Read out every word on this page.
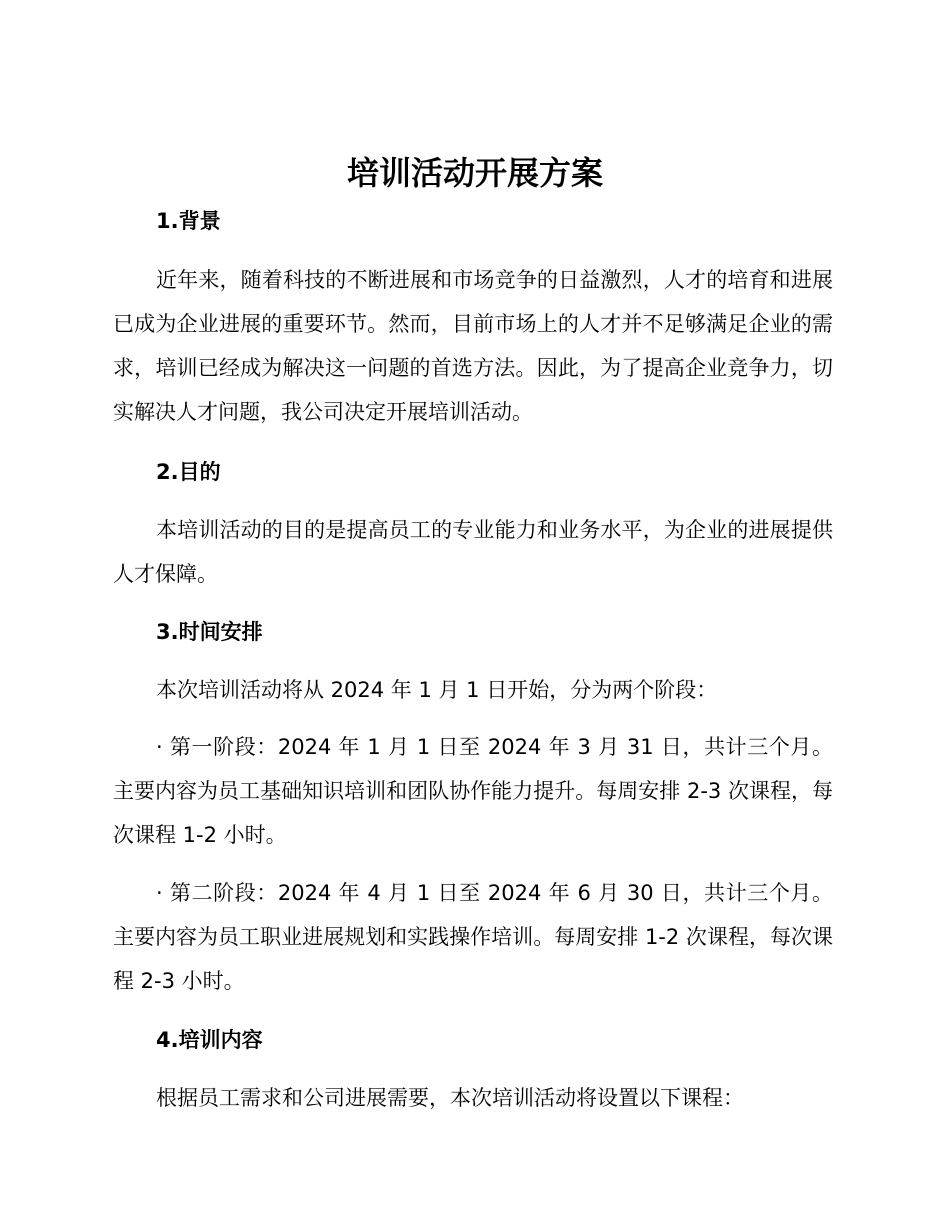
培训活动开展方案
1.背景

近年来，随着科技的不断进展和市场竞争的日益激烈，人才的培育和进展已成为企业进展的重要环节。然而，目前市场上的人才并不足够满足企业的需求，培训已经成为解决这一问题的首选方法。因此，为了提高企业竞争力，切实解决人才问题，我公司决定开展培训活动。

2.目的

本培训活动的目的是提高员工的专业能力和业务水平，为企业的进展提供人才保障。

3.时间安排

本次培训活动将从 2024 年 1 月 1 日开始，分为两个阶段：

· 第一阶段：2024 年 1 月 1 日至 2024 年 3 月 31 日，共计三个月。主要内容为员工基础知识培训和团队协作能力提升。每周安排 2-3 次课程，每次课程 1-2 小时。

· 第二阶段：2024 年 4 月 1 日至 2024 年 6 月 30 日，共计三个月。主要内容为员工职业进展规划和实践操作培训。每周安排 1-2 次课程，每次课程 2-3 小时。

4.培训内容

根据员工需求和公司进展需要，本次培训活动将设置以下课程：
